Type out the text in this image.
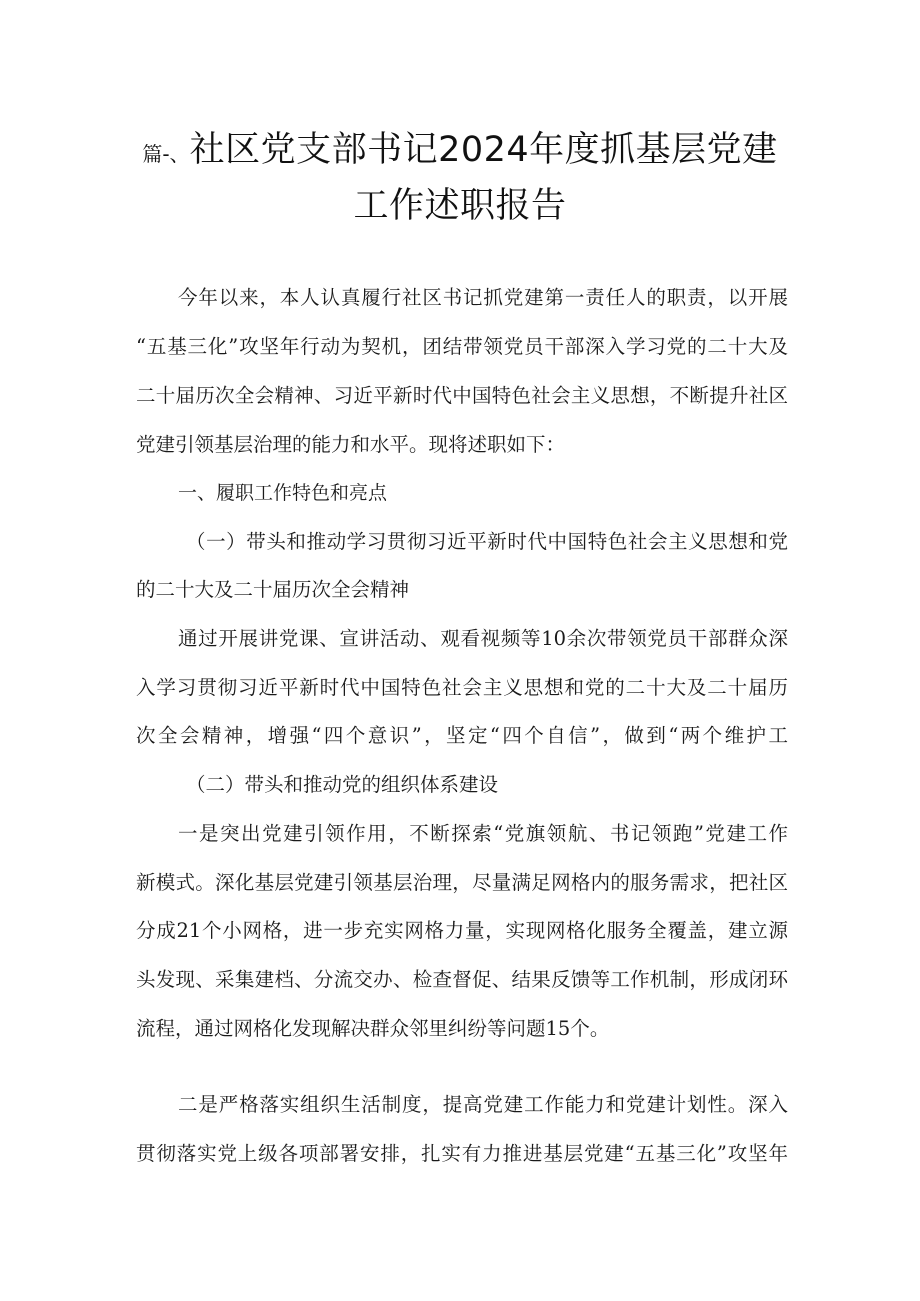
篇-、社区党支部书记2024年度抓基层党建
工作述职报告
今年以来，本人认真履行社区书记抓党建第一责任人的职责，以开展
“五基三化”攻坚年行动为契机，团结带领党员干部深入学习党的二十大及
二十届历次全会精神、习近平新时代中国特色社会主义思想，不断提升社区
党建引领基层治理的能力和水平。现将述职如下：
一、履职工作特色和亮点
（一）带头和推动学习贯彻习近平新时代中国特色社会主义思想和党
的二十大及二十届历次全会精神
通过开展讲党课、宣讲活动、观看视频等10余次带领党员干部群众深
入学习贯彻习近平新时代中国特色社会主义思想和党的二十大及二十届历
次全会精神，增强“四个意识”，坚定“四个自信”，做到“两个维护工
（二）带头和推动党的组织体系建设
一是突出党建引领作用，不断探索“党旗领航、书记领跑”党建工作
新模式。深化基层党建引领基层治理，尽量满足网格内的服务需求，把社区
分成21个小网格，进一步充实网格力量，实现网格化服务全覆盖，建立源
头发现、采集建档、分流交办、检查督促、结果反馈等工作机制，形成闭环
流程，通过网格化发现解决群众邻里纠纷等问题15个。
二是严格落实组织生活制度，提高党建工作能力和党建计划性。深入
贯彻落实党上级各项部署安排，扎实有力推进基层党建“五基三化”攻坚年
